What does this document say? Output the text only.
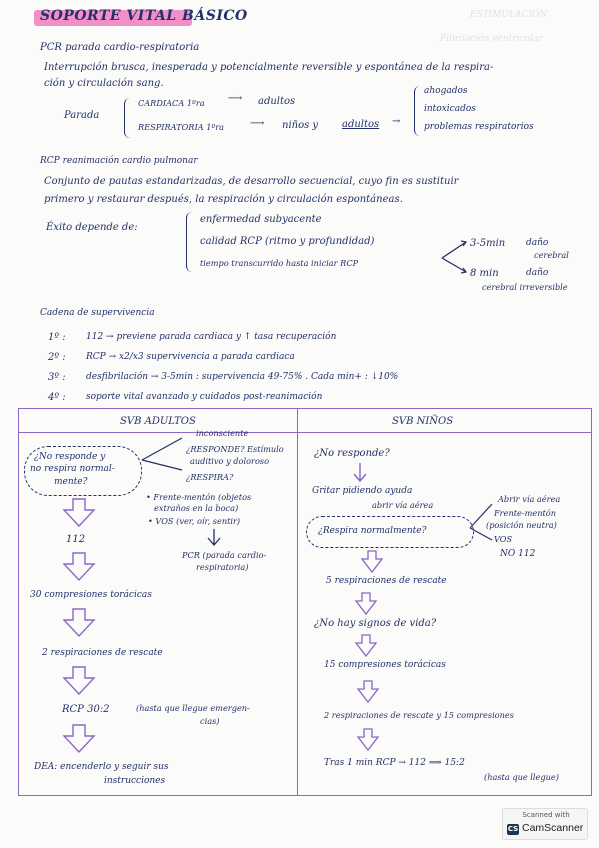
ESTIMULACIÓN
Fibrilación ventricular
SOPORTE VITAL BÁSICO
PCR parada cardio-respiratoria
Interrupción brusca, inesperada y potencialmente reversible y espontánea de la respira-
ción y circulación sang.
Parada
CARDIACA 1ºra ⟶ adultos
RESPIRATORIA 1ºra	⟶ niños y adultos →
ahogados
intoxicados
problemas respiratorios
RCP reanimación cardio pulmonar
Conjunto de pautas estandarizadas, de desarrollo secuencial, cuyo fin es sustituir
primero y restaurar después, la respiración y circulación espontáneas.
Éxito depende de:
enfermedad subyacente
calidad RCP (ritmo y profundidad)
tiempo transcurrido hasta iniciar RCP
3-5min daño
cerebral
8 min	daño
cerebral irreversible
Cadena de supervivencia
1º : 112 → previene parada cardiaca y ↑ tasa recuperación
2º : RCP → x2/x3 supervivencia a parada cardiaca
3º : desfibrilación → 3-5min : supervivencia 49-75% . Cada min+ : ↓10%
4º : soporte vital avanzado y cuidados post-reanimación
SVB ADULTOS	SVB NIÑOS
¿No responde y
no respira normal-
mente?
inconsciente
¿RESPONDE? Estímulo
auditivo y doloroso
¿RESPIRA?
• Frente-mentón (objetos
extraños en la boca)
• VOS (ver, oír, sentir)
PCR (parada cardio-
respiratoria)
112
30 compresiones torácicas
2 respiraciones de rescate
RCP 30:2	(hasta que llegue emergen-
cias)
DEA: encenderlo y seguir sus
instrucciones
¿No responde?
Gritar pidiendo ayuda
abrir vía aérea
¿Respira normalmente?
Abrir vía aérea
Frente-mentón
(posición neutra)
VOS
NO 112
5 respiraciones de rescate
¿No hay signos de vida?
15 compresiones torácicas
2 respiraciones de rescate y 15 compresiones
Tras 1 min RCP → 112 ⟹ 15:2
(hasta que llegue)
Scanned with
CS CamScanner
